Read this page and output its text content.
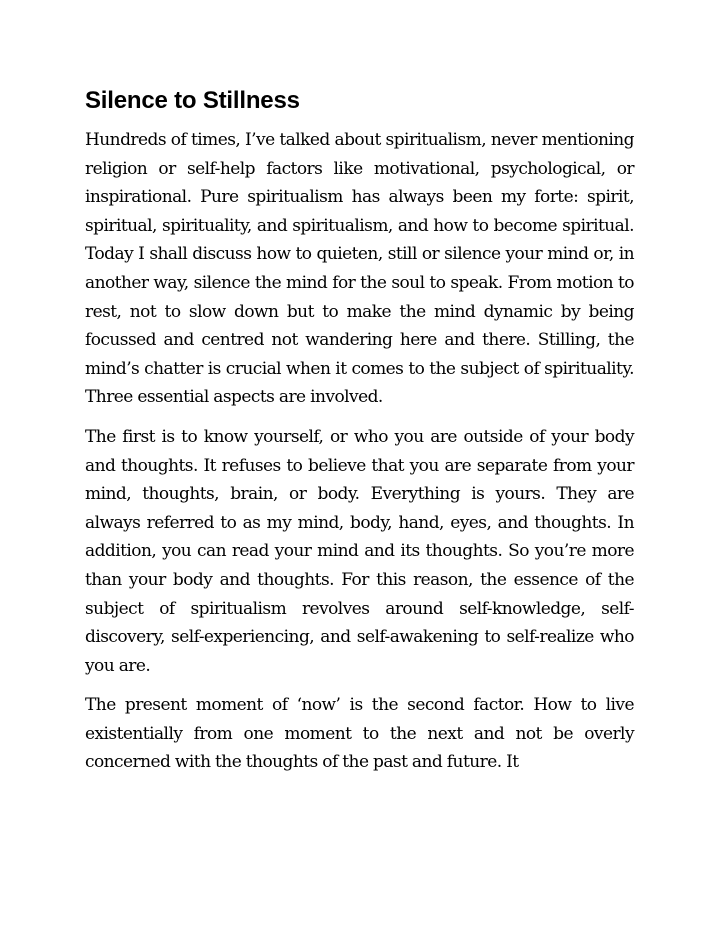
Silence to Stillness

Hundreds of times, I’ve talked about spiritualism, never mentioning religion or self-help factors like motivational, psychological, or inspirational. Pure spiritualism has always been my forte: spirit, spiritual, spirituality, and spiritualism, and how to become spiritual. Today I shall discuss how to quieten, still or silence your mind or, in another way, silence the mind for the soul to speak. From motion to rest, not to slow down but to make the mind dynamic by being focussed and centred not wandering here and there. Stilling, the mind’s chatter is crucial when it comes to the subject of spirituality. Three essential aspects are involved.

The first is to know yourself, or who you are outside of your body and thoughts. It refuses to believe that you are separate from your mind, thoughts, brain, or body. Everything is yours. They are always referred to as my mind, body, hand, eyes, and thoughts. In addition, you can read your mind and its thoughts. So you’re more than your body and thoughts. For this reason, the essence of the subject of spiritualism revolves around self-knowledge, self-discovery, self-experiencing, and self-awakening to self-realize who you are.

The present moment of ‘now’ is the second factor. How to live existentially from one moment to the next and not be overly concerned with the thoughts of the past and future. It
